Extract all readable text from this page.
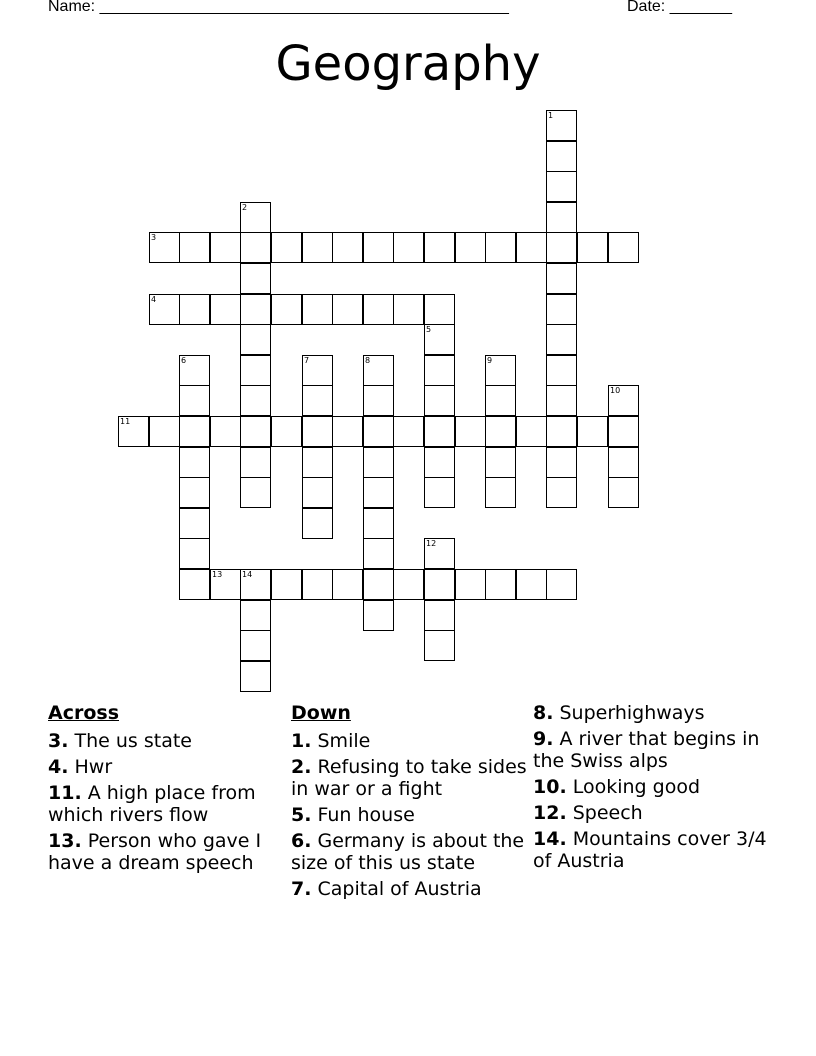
Name: ______________________________________________	Date: _______
Geography
1
2
3
4
5
6	7	8	9
10
11
12
13 14
Across
3. The us state
4. Hwr
11. A high place from which rivers flow
13. Person who gave I have a dream speech
Down
1. Smile
2. Refusing to take sides in war or a fight
5. Fun house
6. Germany is about the size of this us state
7. Capital of Austria
8. Superhighways
9. A river that begins in the Swiss alps
10. Looking good
12. Speech
14. Mountains cover 3/4 of Austria
